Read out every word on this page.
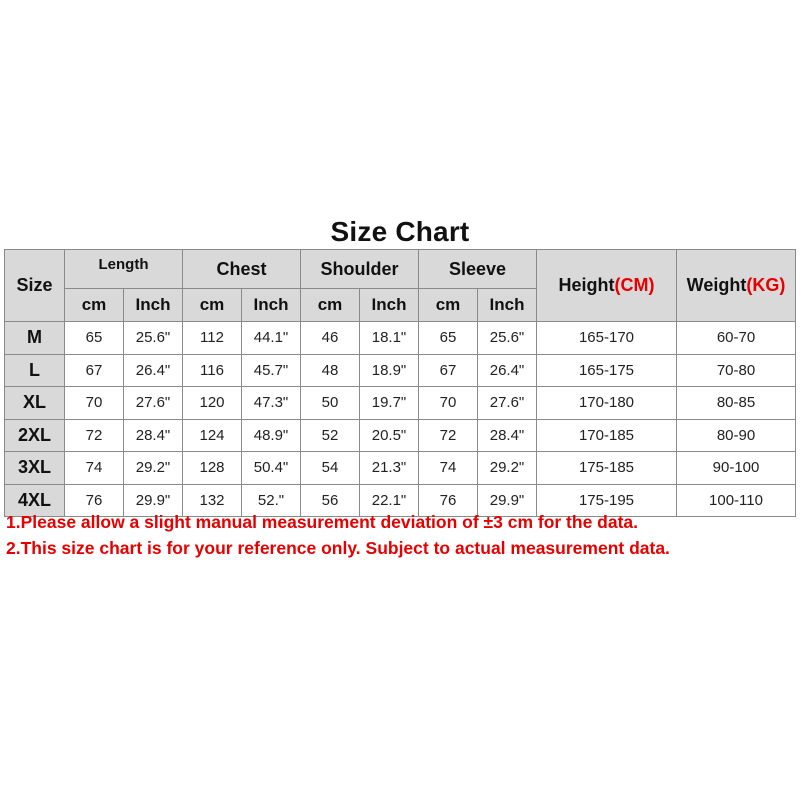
Size Chart
Size	Length		Chest		Shoulder		Sleeve		Height(CM)	Weight(KG)
	cm	Inch	cm	Inch	cm	Inch	cm	Inch		
M	65	25.6"	112	44.1"	46	18.1"	65	25.6"	165-170	60-70
L	67	26.4"	116	45.7"	48	18.9"	67	26.4"	165-175	70-80
XL	70	27.6"	120	47.3"	50	19.7"	70	27.6"	170-180	80-85
2XL	72	28.4"	124	48.9"	52	20.5"	72	28.4"	170-185	80-90
3XL	74	29.2"	128	50.4"	54	21.3"	74	29.2"	175-185	90-100
4XL	76	29.9"	132	52."	56	22.1"	76	29.9"	175-195	100-110
1.Please allow a slight manual measurement deviation of ±3 cm for the data.
2.This size chart is for your reference only. Subject to actual measurement data.
